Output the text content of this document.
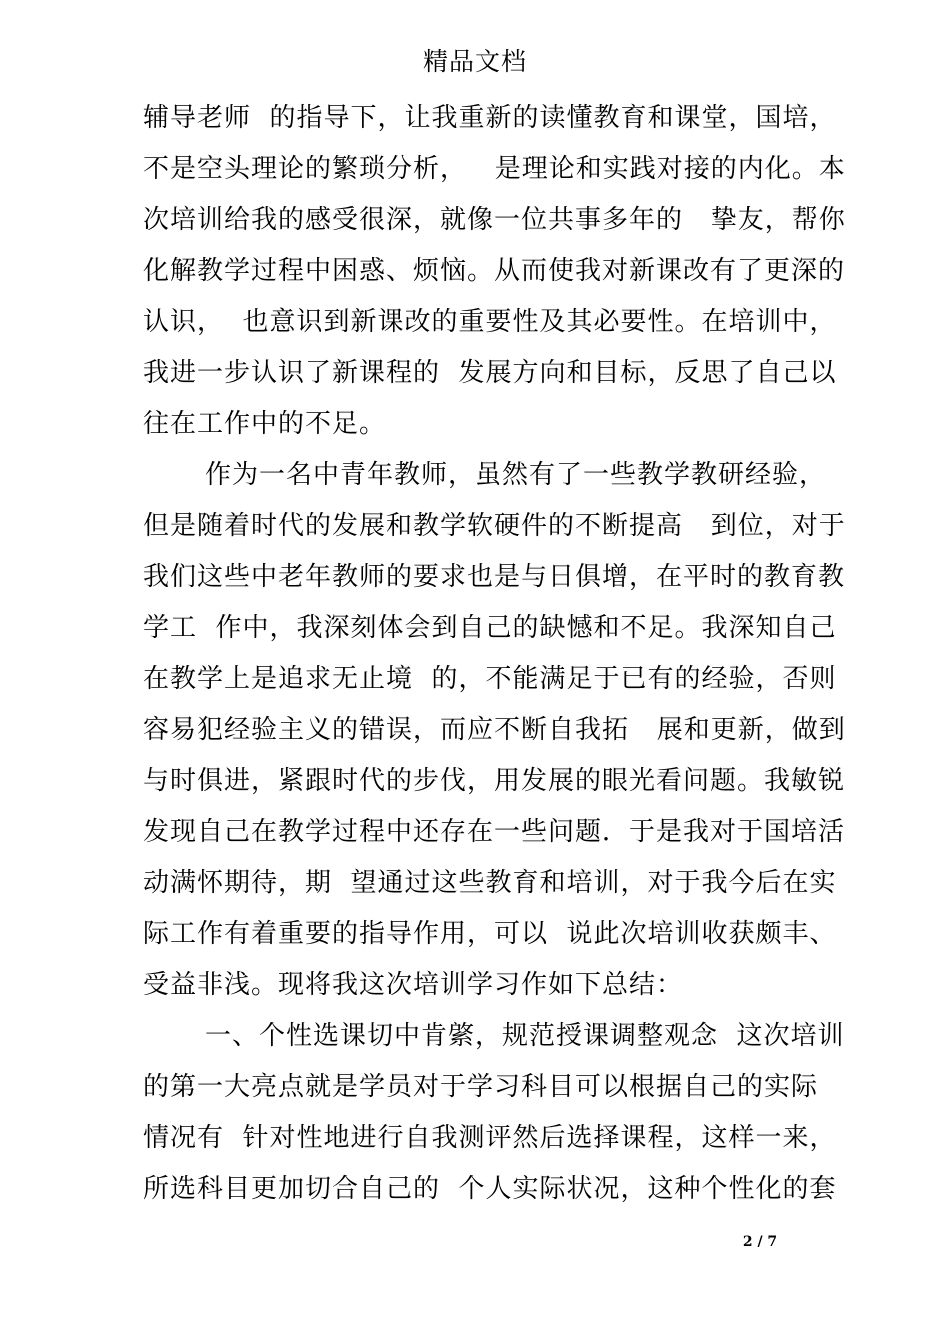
精品文档
辅导老师  的指导下，让我重新的读懂教育和课堂，国培，
不是空头理论的繁琐分析，   是理论和实践对接的内化。本
次培训给我的感受很深，就像一位共事多年的   挚友，帮你
化解教学过程中困惑、烦恼。从而使我对新课改有了更深的
认识，  也意识到新课改的重要性及其必要性。在培训中，
我进一步认识了新课程的  发展方向和目标，反思了自己以
往在工作中的不足。
作为一名中青年教师，虽然有了一些教学教研经验，
但是随着时代的发展和教学软硬件的不断提高   到位，对于
我们这些中老年教师的要求也是与日俱增，在平时的教育教
学工  作中，我深刻体会到自己的缺憾和不足。我深知自己
在教学上是追求无止境  的，不能满足于已有的经验，否则
容易犯经验主义的错误，而应不断自我拓   展和更新，做到
与时俱进，紧跟时代的步伐，用发展的眼光看问题。我敏锐
发现自己在教学过程中还存在一些问题．于是我对于国培活
动满怀期待，期  望通过这些教育和培训，对于我今后在实
际工作有着重要的指导作用，可以  说此次培训收获颇丰、
受益非浅。现将我这次培训学习作如下总结：
一、个性选课切中肯綮，规范授课调整观念  这次培训
的第一大亮点就是学员对于学习科目可以根据自己的实际
情况有  针对性地进行自我测评然后选择课程，这样一来，
所选科目更加切合自己的  个人实际状况，这种个性化的套
2 / 7
